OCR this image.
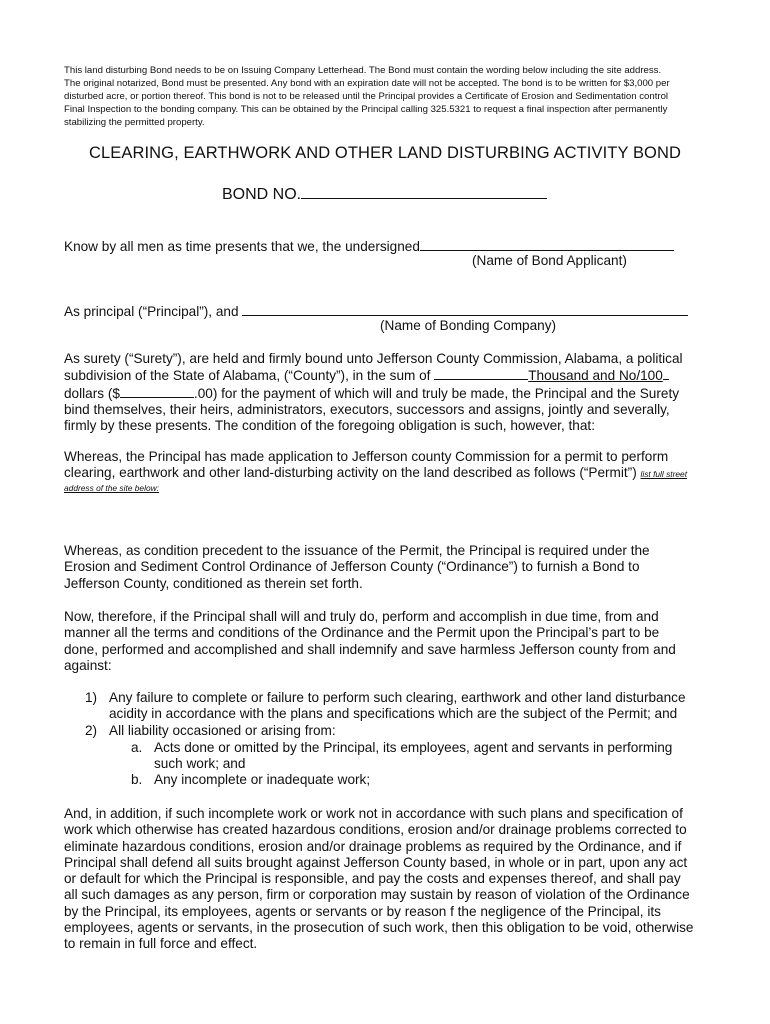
This land disturbing Bond needs to be on Issuing Company Letterhead. The Bond must contain the wording below including the site address.
The original notarized, Bond must be presented. Any bond with an expiration date will not be accepted. The bond is to be written for $3,000 per
disturbed acre, or portion thereof. This bond is not to be released until the Principal provides a Certificate of Erosion and Sedimentation control
Final Inspection to the bonding company. This can be obtained by the Principal calling 325.5321 to request a final inspection after permanently
stabilizing the permitted property.
CLEARING, EARTHWORK AND OTHER LAND DISTURBING ACTIVITY BOND
BOND NO.
Know by all men as time presents that we, the undersigned
(Name of Bond Applicant)
As principal (“Principal”), and
(Name of Bonding Company)
As surety (“Surety”), are held and firmly bound unto Jefferson County Commission, Alabama, a political
subdivision of the State of Alabama, (“County”), in the sum of	Thousand and No/100
dollars ($	.00) for the payment of which will and truly be made, the Principal and the Surety
bind themselves, their heirs, administrators, executors, successors and assigns, jointly and severally,
firmly by these presents. The condition of the foregoing obligation is such, however, that:
Whereas, the Principal has made application to Jefferson county Commission for a permit to perform
clearing, earthwork and other land-disturbing activity on the land described as follows (“Permit”) list full street
address of the site below:
Whereas, as condition precedent to the issuance of the Permit, the Principal is required under the
Erosion and Sediment Control Ordinance of Jefferson County (“Ordinance”) to furnish a Bond to
Jefferson County, conditioned as therein set forth.
Now, therefore, if the Principal shall will and truly do, perform and accomplish in due time, from and
manner all the terms and conditions of the Ordinance and the Permit upon the Principal’s part to be
done, performed and accomplished and shall indemnify and save harmless Jefferson county from and
against:
1) Any failure to complete or failure to perform such clearing, earthwork and other land disturbance
acidity in accordance with the plans and specifications which are the subject of the Permit; and
2) All liability occasioned or arising from:
a. Acts done or omitted by the Principal, its employees, agent and servants in performing
such work; and
b. Any incomplete or inadequate work;
And, in addition, if such incomplete work or work not in accordance with such plans and specification of
work which otherwise has created hazardous conditions, erosion and/or drainage problems corrected to
eliminate hazardous conditions, erosion and/or drainage problems as required by the Ordinance, and if
Principal shall defend all suits brought against Jefferson County based, in whole or in part, upon any act
or default for which the Principal is responsible, and pay the costs and expenses thereof, and shall pay
all such damages as any person, firm or corporation may sustain by reason of violation of the Ordinance
by the Principal, its employees, agents or servants or by reason f the negligence of the Principal, its
employees, agents or servants, in the prosecution of such work, then this obligation to be void, otherwise
to remain in full force and effect.
